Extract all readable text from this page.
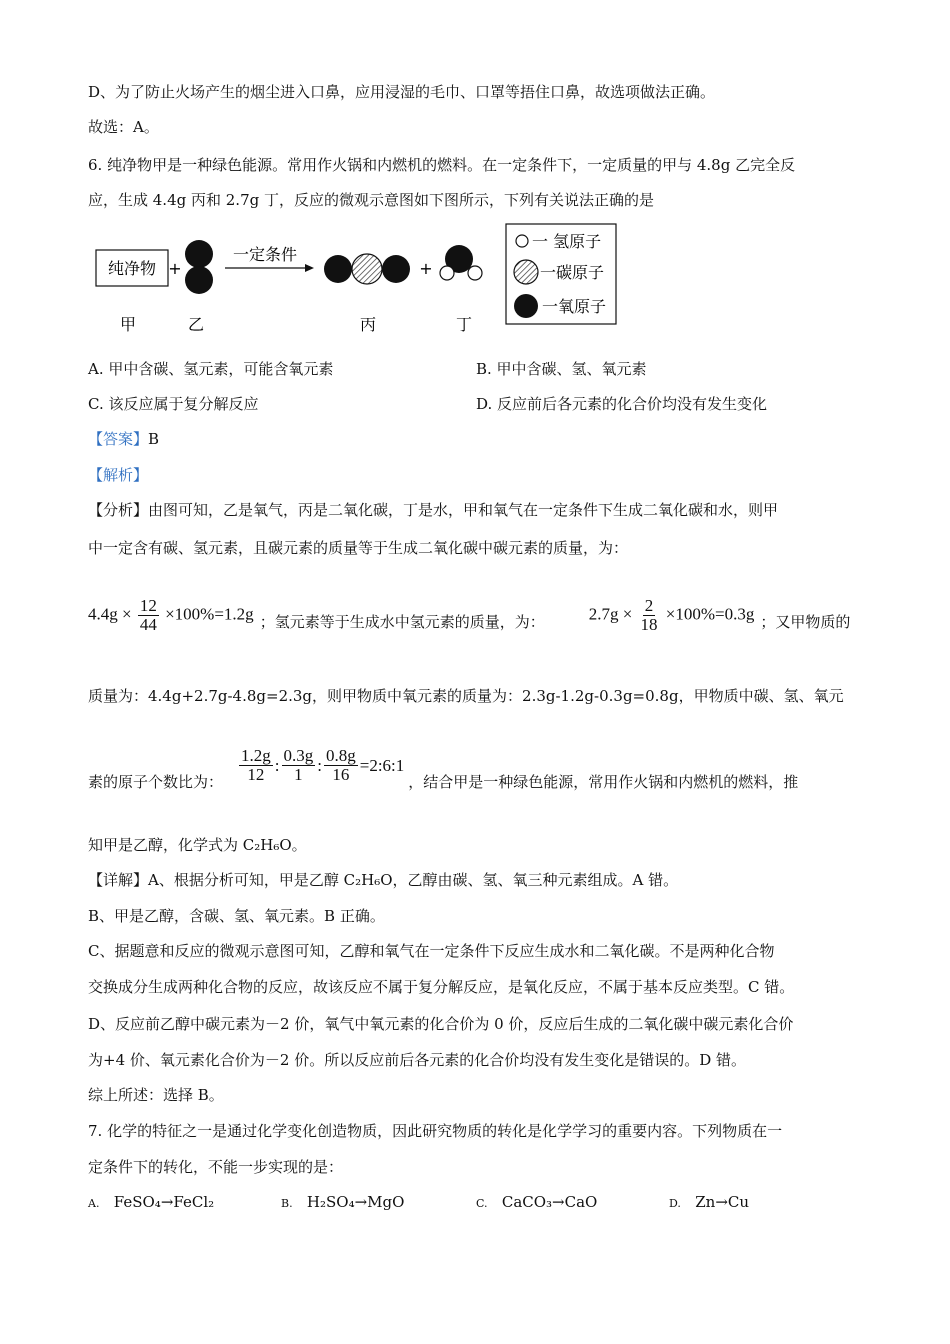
D、为了防止火场产生的烟尘进入口鼻，应用浸湿的毛巾、口罩等捂住口鼻，故选项做法正确。
故选：A。
6. 纯净物甲是一种绿色能源。常用作火锅和内燃机的燃料。在一定条件下，一定质量的甲与 4.8g 乙完全反
应，生成 4.4g 丙和 2.7g 丁，反应的微观示意图如下图所示，下列有关说法正确的是
纯净物 +
一定条件
+
甲	乙	丙	丁
一 氢原子
一碳原子
一氧原子
A. 甲中含碳、氢元素，可能含氧元素	B. 甲中含碳、氢、氧元素
C. 该反应属于复分解反应	D. 反应前后各元素的化合价均没有发生变化
【答案】B
【解析】
【分析】由图可知，乙是氧气，丙是二氧化碳，丁是水，甲和氧气在一定条件下生成二氧化碳和水，则甲
中一定含有碳、氢元素，且碳元素的质量等于生成二氧化碳中碳元素的质量，为：
$4.4g \times \frac{12}{44} \times 100\%=1.2g$ ；氢元素等于生成水中氢元素的质量，为：	$2.7g \times \frac{2}{18} \times 100\%=0.3g$ ；又甲物质的
质量为：4.4g+2.7g-4.8g=2.3g，则甲物质中氧元素的质量为：2.3g-1.2g-0.3g=0.8g，甲物质中碳、氢、氧元
素的原子个数比为： $\frac{1.2g}{12}$ : $\frac{0.3g}{1}$ : $\frac{0.8g}{16}$ =2:6:1
，结合甲是一种绿色能源，常用作火锅和内燃机的燃料，推
知甲是乙醇，化学式为 C₂H₆O。
【详解】A、根据分析可知，甲是乙醇 C₂H₆O，乙醇由碳、氢、氧三种元素组成。A 错。
B、甲是乙醇，含碳、氢、氧元素。B 正确。
C、据题意和反应的微观示意图可知，乙醇和氧气在一定条件下反应生成水和二氧化碳。不是两种化合物
交换成分生成两种化合物的反应，故该反应不属于复分解反应，是氧化反应，不属于基本反应类型。C 错。
D、反应前乙醇中碳元素为－2 价，氧气中氧元素的化合价为 0 价，反应后生成的二氧化碳中碳元素化合价
为+4 价、氧元素化合价为－2 价。所以反应前后各元素的化合价均没有发生变化是错误的。D 错。
综上所述：选择 B。
7. 化学的特征之一是通过化学变化创造物质，因此研究物质的转化是化学学习的重要内容。下列物质在一
定条件下的转化，不能一步实现的是：
A. FeSO₄→FeCl₂	B. H₂SO₄→MgO	C. CaCO₃→CaO	D. Zn→Cu
